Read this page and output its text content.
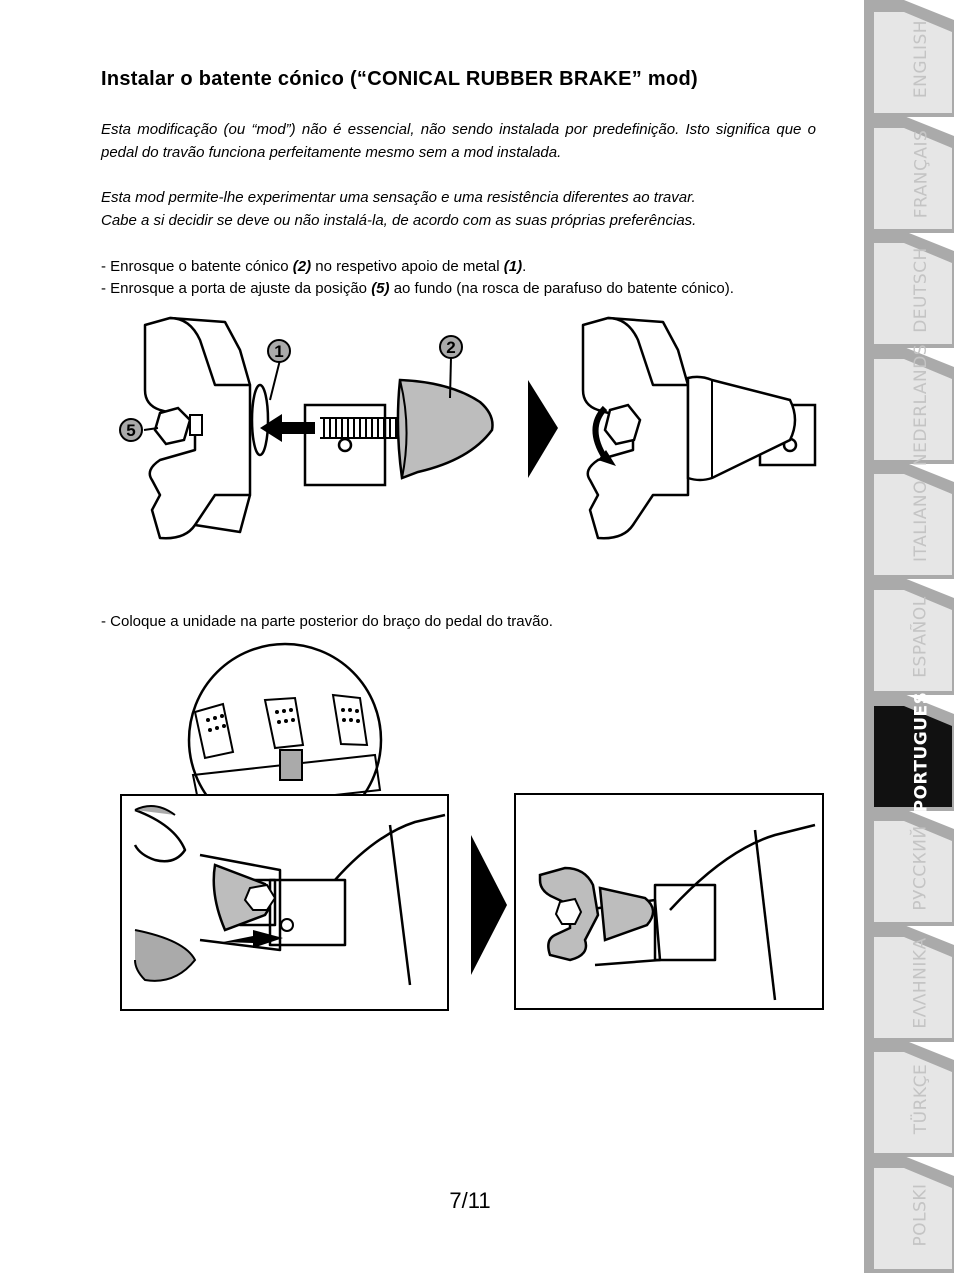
Instalar o batente cónico (“CONICAL RUBBER BRAKE” mod)
Esta modificação (ou “mod”) não é essencial, não sendo instalada por predefinição. Isto significa que o pedal do travão funciona perfeitamente mesmo sem a mod instalada.
Esta mod permite-lhe experimentar uma sensação e uma resistência diferentes ao travar.
Cabe a si decidir se deve ou não instalá-la, de acordo com as suas próprias preferências.
- Enrosque o batente cónico (2) no respetivo apoio de metal (1).
- Enrosque a porta de ajuste da posição (5) ao fundo (na rosca de parafuso do batente cónico).
1	2
5
- Coloque a unidade na parte posterior do braço do pedal do travão.
7/11
ENGLISH
FRANÇAIS
DEUTSCH
NEDERLANDS
ITALIANO
ESPAÑOL
PORTUGUES
РУССКИЙ
ΕΛΛΗΝΙΚΑ
TÜRKÇE
POLSKI
